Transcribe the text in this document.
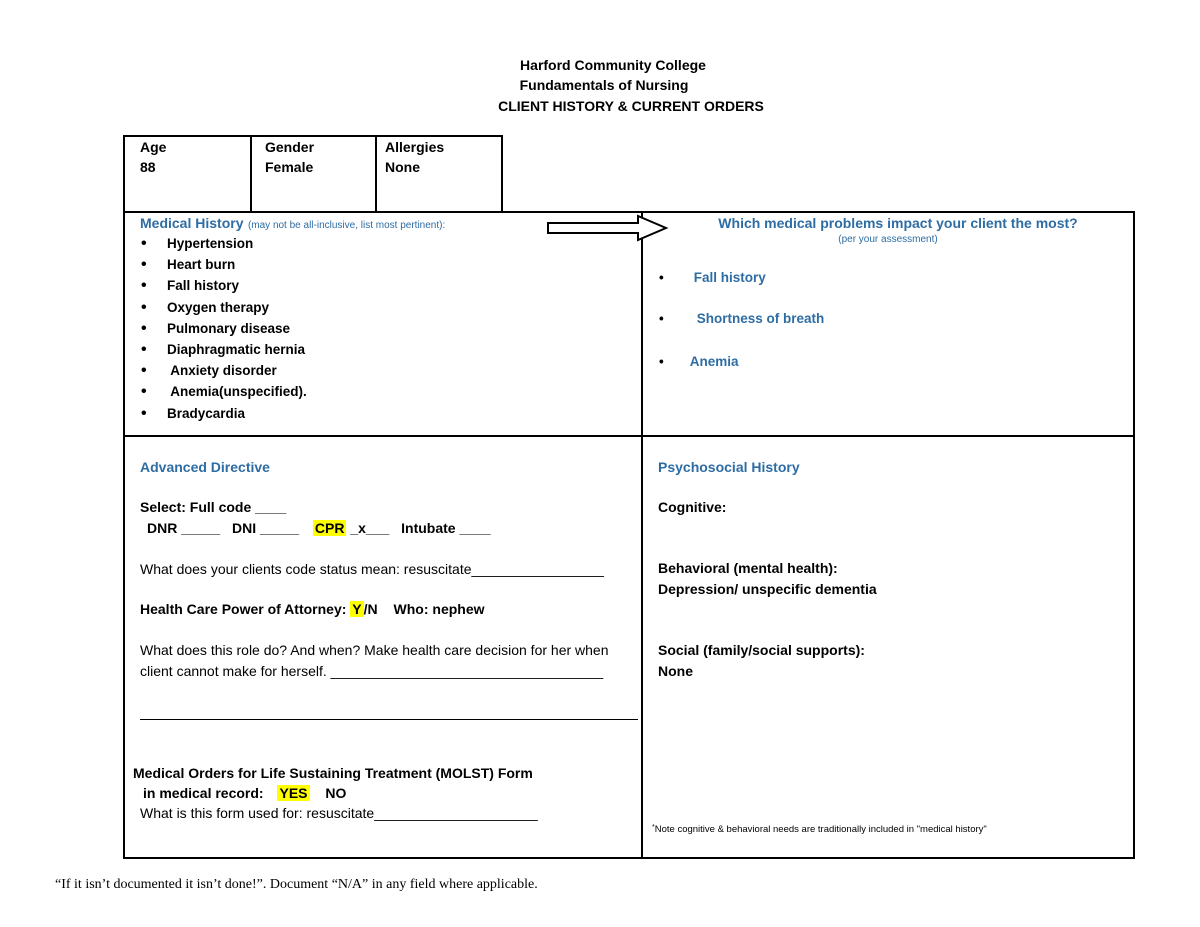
Harford Community College
Fundamentals of Nursing
CLIENT HISTORY & CURRENT ORDERS
Age
88
Gender
Female
Allergies
None
Medical History (may not be all-inclusive, list most pertinent):
• Hypertension
• Heart burn
• Fall history
• Oxygen therapy
• Pulmonary disease
• Diaphragmatic hernia
•  Anxiety disorder
•  Anemia(unspecified).
• Bradycardia
Which medical problems impact your client the most?
(per your assessment)
• Fall history
• Shortness of breath
• Anemia
Advanced Directive
Select: Full code ____
DNR _____ DNI _____ CPR _x___ Intubate ____
What does your clients code status mean: resuscitate_________________
Health Care Power of Attorney: Y /N Who: nephew
What does this role do? And when? Make health care decision for her when
client cannot make for herself. ___________________________________
Medical Orders for Life Sustaining Treatment (MOLST) Form
in medical record: YES NO
What is this form used for: resuscitate_____________________
Psychosocial History
Cognitive:
Behavioral (mental health):
Depression/ unspecific dementia
Social (family/social supports):
None
*Note cognitive & behavioral needs are traditionally included in "medical history"
“If it isn’t documented it isn’t done!”. Document “N/A” in any field where applicable.
